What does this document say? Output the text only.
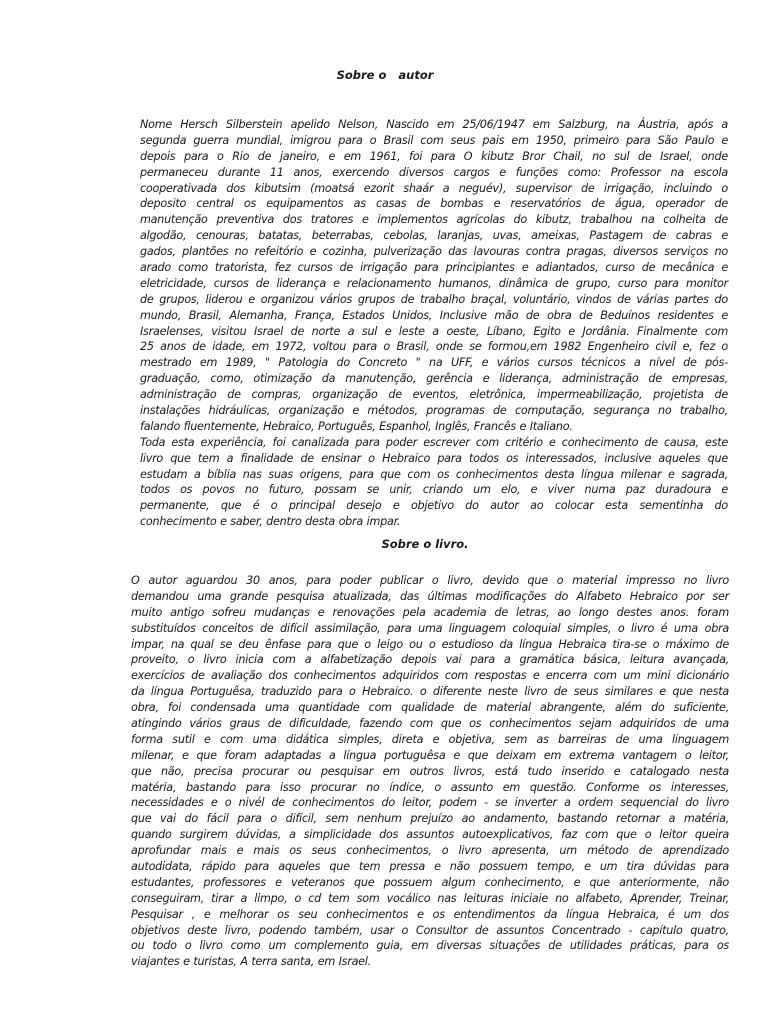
Sobre o   autor
Nome Hersch Silberstein apelido Nelson, Nascido em 25/06/1947 em Salzburg, na Áustria, após a
segunda guerra mundial, imigrou para o Brasil com seus pais em 1950, primeiro para São Paulo e
depois para o Rio de janeiro, e em 1961, foi para O kibutz Bror Chail, no sul de Israel, onde
permaneceu durante 11 anos, exercendo diversos cargos e funções como: Professor na escola
cooperativada dos kibutsim (moatsá ezorit shaár a neguév), supervisor de irrigação, incluindo o
deposito central os equipamentos as casas de bombas e reservatórios de água, operador de
manutenção preventiva dos tratores e implementos agrícolas do kibutz, trabalhou na colheita de
algodão, cenouras, batatas, beterrabas, cebolas, laranjas, uvas, ameixas, Pastagem de cabras e
gados, plantões no refeitório e cozinha, pulverização das lavouras contra pragas, diversos serviços no
arado como tratorista, fez cursos de irrigação para principiantes e adiantados, curso de mecânica e
eletricidade, cursos de liderança e relacionamento humanos, dinâmica de grupo, curso para monitor
de grupos, liderou e organizou vários grupos de trabalho braçal, voluntário, vindos de várias partes do
mundo, Brasil, Alemanha, França, Estados Unidos, Inclusive mão de obra de Beduínos residentes e
Israelenses, visitou Israel de norte a sul e leste a oeste, Líbano, Egito e Jordânia. Finalmente com
25 anos de idade, em 1972, voltou para o Brasil, onde se formou,em 1982 Engenheiro civil e, fez o
mestrado em 1989, " Patologia do Concreto " na UFF, e vários cursos técnicos a nível de pós-
graduação, como, otimização da manutenção, gerência e liderança, administração de empresas,
administração de compras, organização de eventos, eletrônica, impermeabilização, projetista de
instalações hidráulicas, organização e métodos, programas de computação, segurança no trabalho,
falando fluentemente, Hebraico, Português, Espanhol, Inglês, Francês e Italiano.
Toda esta experiência, foi canalizada para poder escrever com critério e conhecimento de causa, este
livro que tem a finalidade de ensinar o Hebraico para todos os interessados, inclusive aqueles que
estudam a bíblia nas suas origens, para que com os conhecimentos desta língua milenar e sagrada,
todos os povos no futuro, possam se unir, criando um elo, e viver numa paz duradoura e
permanente, que é o principal desejo e objetivo do autor ao colocar esta sementinha do
conhecimento e saber, dentro desta obra impar.
Sobre o livro.
O autor aguardou 30 anos, para poder publicar o livro, devido que o material impresso no livro
demandou uma grande pesquisa atualizada, das últimas modificações do Alfabeto Hebraico por ser
muito antigo sofreu mudanças e renovações pela academia de letras, ao longo destes anos. foram
substituídos conceitos de difícil assimilação, para uma linguagem coloquial simples, o livro é uma obra
impar, na qual se deu ênfase para que o leigo ou o estudioso da língua Hebraica tira-se o máximo de
proveito, o livro inicia com a alfabetização depois vai para a gramática básica, leitura avançada,
exercícios de avaliação dos conhecimentos adquiridos com respostas e encerra com um mini dicionário
da língua Portuguêsa, traduzido para o Hebraico. o diferente neste livro de seus similares e que nesta
obra, foi condensada uma quantidade com qualidade de material abrangente, além do suficiente,
atingindo vários graus de dificuldade, fazendo com que os conhecimentos sejam adquiridos de uma
forma sutil e com uma didática simples, direta e objetiva, sem as barreiras de uma linguagem
milenar, e que foram adaptadas a língua portuguêsa e que deixam em extrema vantagem o leitor,
que não, precisa procurar ou pesquisar em outros livros, está tudo inserido e catalogado nesta
matéria, bastando para isso procurar no índice, o assunto em questão. Conforme os interesses,
necessidades e o nivél de conhecimentos do leitor, podem - se inverter a ordem sequencial do livro
que vai do fácil para o difícil, sem nenhum prejuízo ao andamento, bastando retornar a matéria,
quando surgirem dúvidas, a simplicidade dos assuntos autoexplicativos, faz com que o leitor queira
aprofundar mais e mais os seus conhecimentos, o livro apresenta, um método de aprendizado
autodidata, rápido para aqueles que tem pressa e não possuem tempo, e um tira dúvidas para
estudantes, professores e veteranos que possuem algum conhecimento, e que anteriormente, não
conseguiram, tirar a limpo, o cd tem som vocálico nas leituras iniciaie no alfabeto, Aprender, Treinar,
Pesquisar , e melhorar os seu conhecimentos e os entendimentos da língua Hebraica, é um dos
objetivos deste livro, podendo também, usar o Consultor de assuntos Concentrado - capítulo quatro,
ou todo o livro como um complemento guia, em diversas situações de utilidades práticas, para os
viajantes e turistas, A terra santa, em Israel.
